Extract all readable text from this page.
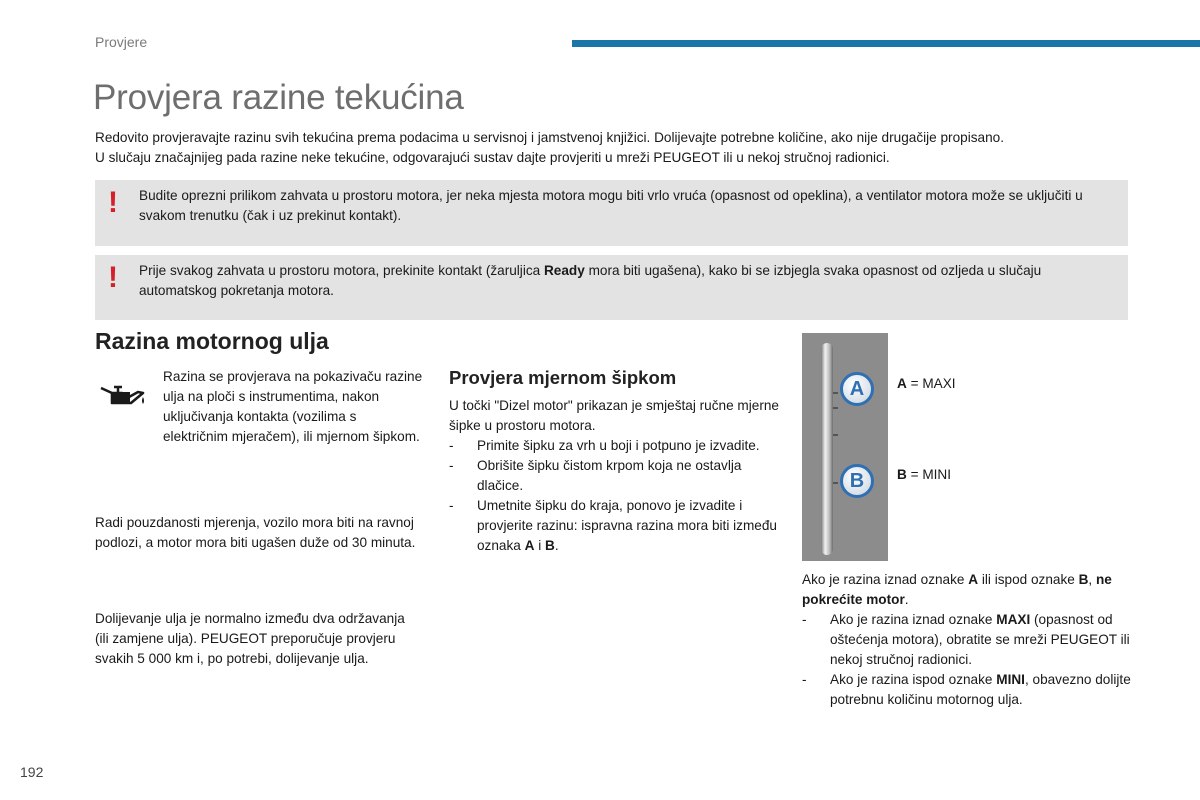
Provjere
Provjera razine tekućina

Redovito provjeravajte razinu svih tekućina prema podacima u servisnoj i jamstvenoj knjižici. Dolijevajte potrebne količine, ako nije drugačije propisano.

U slučaju značajnijeg pada razine neke tekućine, odgovarajući sustav dajte provjeriti u mreži PEUGEOT ili u nekoj stručnoj radionici.

! Budite oprezni prilikom zahvata u prostoru motora, jer neka mjesta motora mogu biti vrlo vruća (opasnost od opeklina), a ventilator motora može se uključiti u svakom trenutku (čak i uz prekinut kontakt).

! Prije svakog zahvata u prostoru motora, prekinite kontakt (žaruljica Ready mora biti ugašena), kako bi se izbjegla svaka opasnost od ozljeda u slučaju automatskog pokretanja motora.

Razina motornog ulja

Razina se provjerava na pokazivaču razine ulja na ploči s instrumentima, nakon uključivanja kontakta (vozilima s električnim mjeračem), ili mjernom šipkom.

Radi pouzdanosti mjerenja, vozilo mora biti na ravnoj podlozi, a motor mora biti ugašen duže od 30 minuta.

Dolijevanje ulja je normalno između dva održavanja (ili zamjene ulja). PEUGEOT preporučuje provjeru svakih 5 000 km i, po potrebi, dolijevanje ulja.

Provjera mjernom šipkom

U točki "Dizel motor" prikazan je smještaj ručne mjerne šipke u prostoru motora.

- Primite šipku za vrh u boji i potpuno je izvadite.
- Obrišite šipku čistom krpom koja ne ostavlja dlačice.
- Umetnite šipku do kraja, ponovo je izvadite i provjerite razinu: ispravna razina mora biti između oznaka A i B.
A
B
A = MAXI
B = MINI

Ako je razina iznad oznake A ili ispod oznake B, ne pokrećite motor.

- Ako je razina iznad oznake MAXI (opasnost od oštećenja motora), obratite se mreži PEUGEOT ili nekoj stručnoj radionici.
- Ako je razina ispod oznake MINI, obavezno dolijte potrebnu količinu motornog ulja.
192
